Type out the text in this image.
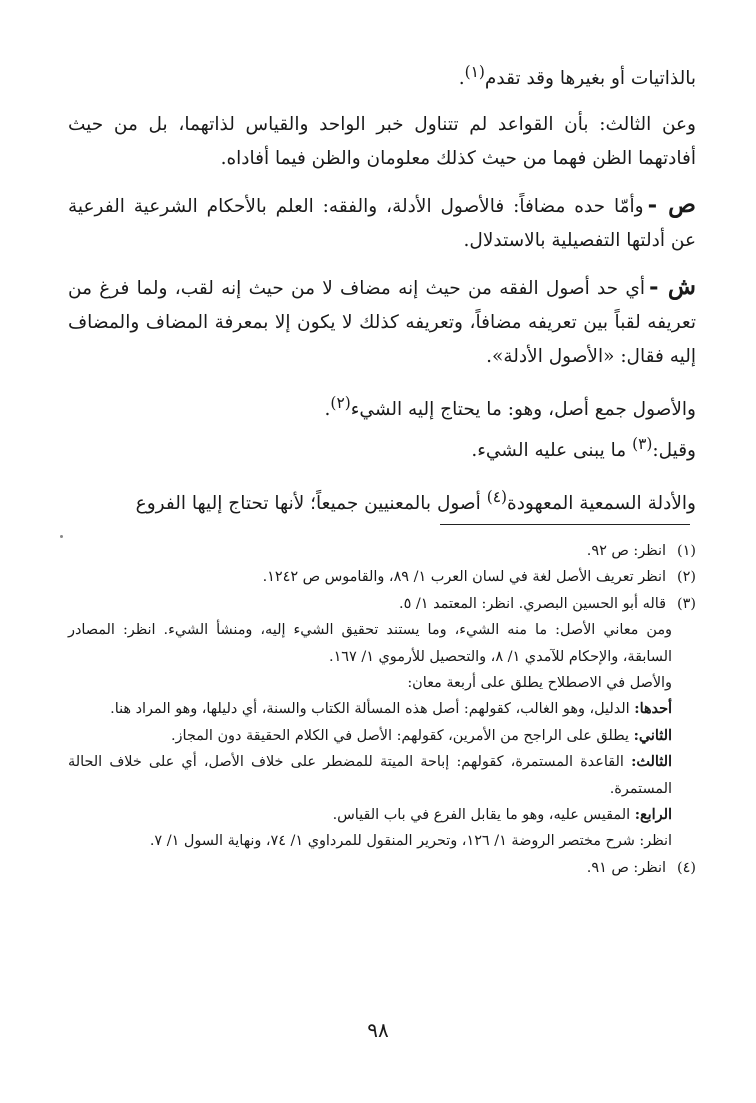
بالذاتيات أو بغيرها وقد تقدم$^{(١)}$.

وعن الثالث: بأن القواعد لم تتناول خبر الواحد والقياس لذاتهما، بل من حيث أفادتهما الظن فهما من حيث كذلك معلومان والظن فيما أفاداه.

ص -وأمّا حده مضافاً: فالأصول الأدلة، والفقه: العلم بالأحكام الشرعية الفرعية عن أدلتها التفصيلية بالاستدلال.

ش -أي حد أصول الفقه من حيث إنه مضاف لا من حيث إنه لقب، ولما فرغ من تعريفه لقباً بين تعريفه مضافاً، وتعريفه كذلك لا يكون إلا بمعرفة المضاف والمضاف إليه فقال: «الأصول الأدلة».

والأصول جمع أصل، وهو: ما يحتاج إليه الشيء$^{(٢)}$.

وقيل:$^{(٣)}$ ما يبنى عليه الشيء.

والأدلة السمعية المعهودة$^{(٤)}$ أصول بالمعنيين جميعاً؛ لأنها تحتاج إليها الفروع

(١)انظر: ص ٩٢.

(٢)انظر تعريف الأصل لغة في لسان العرب ١/ ٨٩، والقاموس ص ١٢٤٢.

(٣)قاله أبو الحسين البصري. انظر: المعتمد ١/ ٥.

ومن معاني الأصل: ما منه الشيء، وما يستند تحقيق الشيء إليه، ومنشأ الشيء. انظر: المصادر السابقة، والإحكام للآمدي ١/ ٨، والتحصيل للأرموي ١/ ١٦٧.

والأصل في الاصطلاح يطلق على أربعة معان:

أحدها: الدليل، وهو الغالب، كقولهم: أصل هذه المسألة الكتاب والسنة، أي دليلها، وهو المراد هنا.

الثاني: يطلق على الراجح من الأمرين، كقولهم: الأصل في الكلام الحقيقة دون المجاز.

الثالث: القاعدة المستمرة، كقولهم: إباحة الميتة للمضطر على خلاف الأصل، أي على خلاف الحالة المستمرة.

الرابع: المقيس عليه، وهو ما يقابل الفرع في باب القياس.

انظر: شرح مختصر الروضة ١/ ١٢٦، وتحرير المنقول للمرداوي ١/ ٧٤، ونهاية السول ١/ ٧.

(٤)انظر: ص ٩١.

٩٨
